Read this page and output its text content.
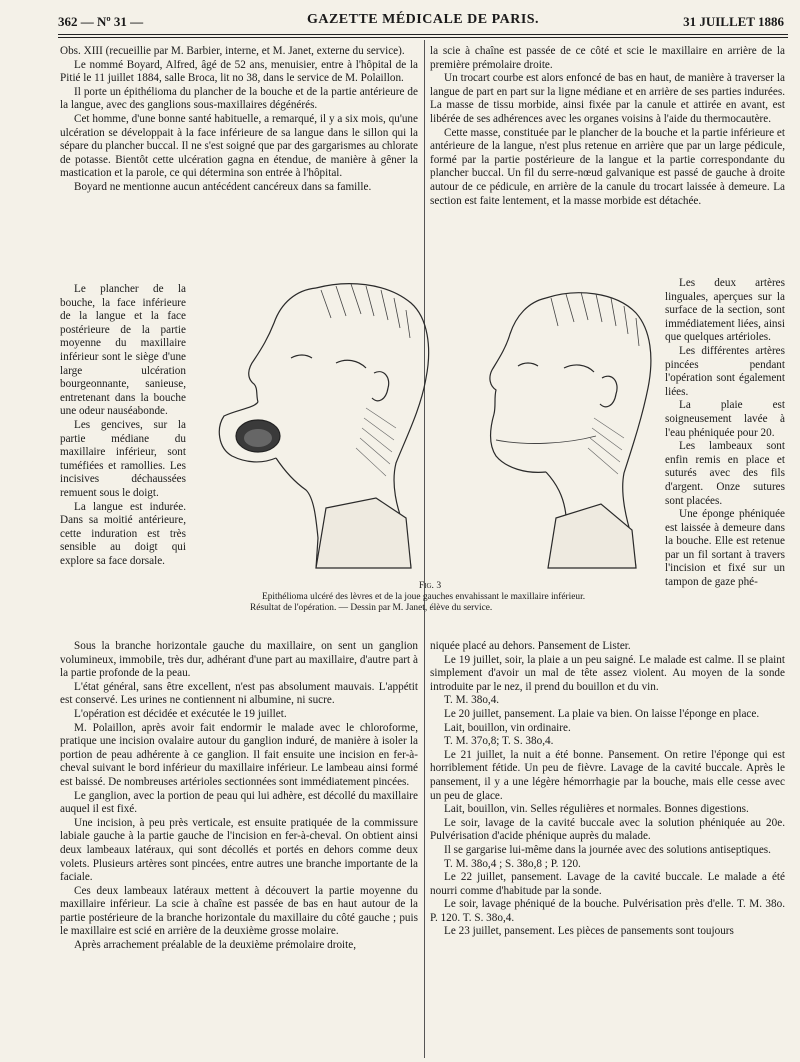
GAZETTE MÉDICALE DE PARIS.
362 — Nº 31 —	31 JUILLET 1886

Obs. XIII (recueillie par M. Barbier, interne, et M. Janet, externe du service).

Le nommé Boyard, Alfred, âgé de 52 ans, menuisier, entre à l'hôpital de la Pitié le 11 juillet 1884, salle Broca, lit no 38, dans le service de M. Polaillon.

Il porte un épithélioma du plancher de la bouche et de la partie antérieure de la langue, avec des ganglions sous-maxillaires dégénérés.

Cet homme, d'une bonne santé habituelle, a remarqué, il y a six mois, qu'une ulcération se développait à la face inférieure de sa langue dans le sillon qui la sépare du plancher buccal. Il ne s'est soigné que par des gargarismes au chlorate de potasse. Bientôt cette ulcération gagna en étendue, de manière à gêner la mastication et la parole, ce qui détermina son entrée à l'hôpital.

Boyard ne mentionne aucun antécédent cancéreux dans sa famille.

Le plancher de la bouche, la face inférieure de la langue et la face postérieure de la partie moyenne du maxillaire inférieur sont le siège d'une large ulcération bourgeonnante, sanieuse, entretenant dans la bouche une odeur nauséabonde.

Les gencives, sur la partie médiane du maxillaire inférieur, sont tuméfiées et ramollies. Les incisives déchaussées remuent sous le doigt.

La langue est indurée. Dans sa moitié antérieure, cette induration est très sensible au doigt qui explore sa face dorsale.

la scie à chaîne est passée de ce côté et scie le maxillaire en arrière de la première prémolaire droite.

Un trocart courbe est alors enfoncé de bas en haut, de manière à traverser la langue de part en part sur la ligne médiane et en arrière de ses parties indurées. La masse de tissu morbide, ainsi fixée par la canule et attirée en avant, est libérée de ses adhérences avec les organes voisins à l'aide du thermocautère.

Cette masse, constituée par le plancher de la bouche et la partie inférieure et antérieure de la langue, n'est plus retenue en arrière que par un large pédicule, formé par la partie postérieure de la langue et la partie correspondante du plancher buccal. Un fil du serre-nœud galvanique est passé de gauche à droite autour de ce pédicule, en arrière de la canule du trocart laissée à demeure. La section est faite lentement, et la masse morbide est détachée.

Les deux artères linguales, aperçues sur la surface de la section, sont immédiatement liées, ainsi que quelques artérioles.

Les différentes artères pincées pendant l'opération sont également liées.

La plaie est soigneusement lavée à l'eau phéniquée pour 20.

Les lambeaux sont enfin remis en place et suturés avec des fils d'argent. Onze sutures sont placées.

Une éponge phéniquée est laissée à demeure dans la bouche. Elle est retenue par un fil sortant à travers l'incision et fixé sur un tampon de gaze phé-

Fig. 3
Epithélioma ulcéré des lèvres et de la joue gauches envahissant le maxillaire inférieur. Résultat de l'opération. — Dessin par M. Janet, élève du service.

Sous la branche horizontale gauche du maxillaire, on sent un ganglion volumineux, immobile, très dur, adhérant d'une part au maxillaire, d'autre part à la partie profonde de la peau.

L'état général, sans être excellent, n'est pas absolument mauvais. L'appétit est conservé. Les urines ne contiennent ni albumine, ni sucre.

L'opération est décidée et exécutée le 19 juillet.

M. Polaillon, après avoir fait endormir le malade avec le chloroforme, pratique une incision ovalaire autour du ganglion induré, de manière à isoler la portion de peau adhérente à ce ganglion. Il fait ensuite une incision en fer-à-cheval suivant le bord inférieur du maxillaire inférieur. Le lambeau ainsi formé est baissé. De nombreuses artérioles sectionnées sont immédiatement pincées.

Le ganglion, avec la portion de peau qui lui adhère, est décollé du maxillaire auquel il est fixé.

Une incision, à peu près verticale, est ensuite pratiquée de la commissure labiale gauche à la partie gauche de l'incision en fer-à-cheval. On obtient ainsi deux lambeaux latéraux, qui sont décollés et portés en dehors comme deux volets. Plusieurs artères sont pincées, entre autres une branche importante de la faciale.

Ces deux lambeaux latéraux mettent à découvert la partie moyenne du maxillaire inférieur. La scie à chaîne est passée de bas en haut autour de la partie postérieure de la branche horizontale du maxillaire du côté gauche ; puis le maxillaire est scié en arrière de la deuxième grosse molaire.

Après arrachement préalable de la deuxième prémolaire droite,

niquée placé au dehors. Pansement de Lister.

Le 19 juillet, soir, la plaie a un peu saigné. Le malade est calme. Il se plaint simplement d'avoir un mal de tête assez violent. Au moyen de la sonde introduite par le nez, il prend du bouillon et du vin.

T. M. 38o,4.

Le 20 juillet, pansement. La plaie va bien. On laisse l'éponge en place.

Lait, bouillon, vin ordinaire.

T. M. 37o,8; T. S. 38o,4.

Le 21 juillet, la nuit a été bonne. Pansement. On retire l'éponge qui est horriblement fétide. Un peu de fièvre. Lavage de la cavité buccale. Après le pansement, il y a une légère hémorrhagie par la bouche, mais elle cesse avec un peu de glace.

Lait, bouillon, vin. Selles régulières et normales. Bonnes digestions.

Le soir, lavage de la cavité buccale avec la solution phéniquée au 20e. Pulvérisation d'acide phénique auprès du malade.

Il se gargarise lui-même dans la journée avec des solutions antiseptiques.

T. M. 38o,4 ; S. 38o,8 ; P. 120.

Le 22 juillet, pansement. Lavage de la cavité buccale. Le malade a été nourri comme d'habitude par la sonde.

Le soir, lavage phéniqué de la bouche. Pulvérisation près d'elle. T. M. 38o. P. 120. T. S. 38o,4.

Le 23 juillet, pansement. Les pièces de pansements sont toujours
